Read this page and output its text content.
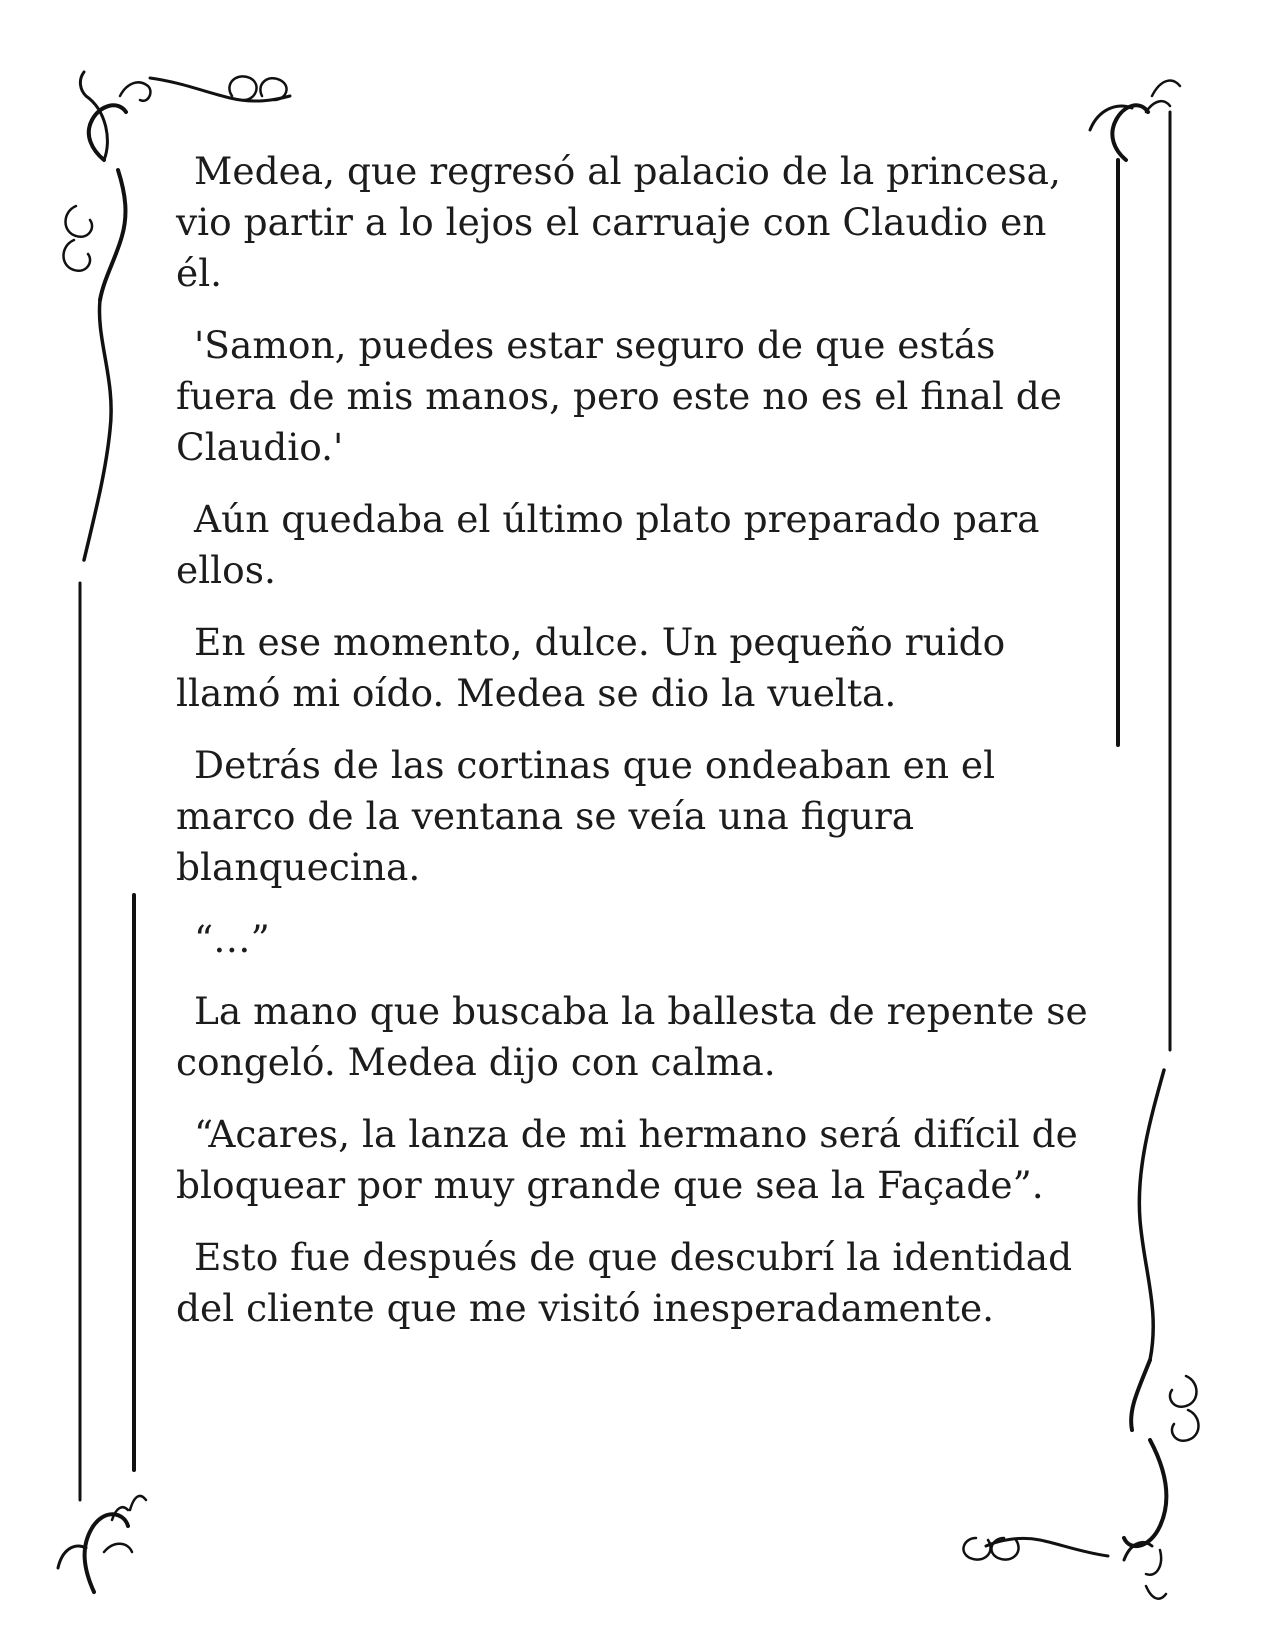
Medea, que regresó al palacio de la princesa, vio partir a lo lejos el carruaje con Claudio en él.

'Samon, puedes estar seguro de que estás fuera de mis manos, pero este no es el final de Claudio.'

Aún quedaba el último plato preparado para ellos.

En ese momento, dulce. Un pequeño ruido llamó mi oído. Medea se dio la vuelta.

Detrás de las cortinas que ondeaban en el marco de la ventana se veía una figura blanquecina.

“…”

La mano que buscaba la ballesta de repente se congeló. Medea dijo con calma.

“Acares, la lanza de mi hermano será difícil de bloquear por muy grande que sea la Façade”.

Esto fue después de que descubrí la identidad del cliente que me visitó inesperadamente.
